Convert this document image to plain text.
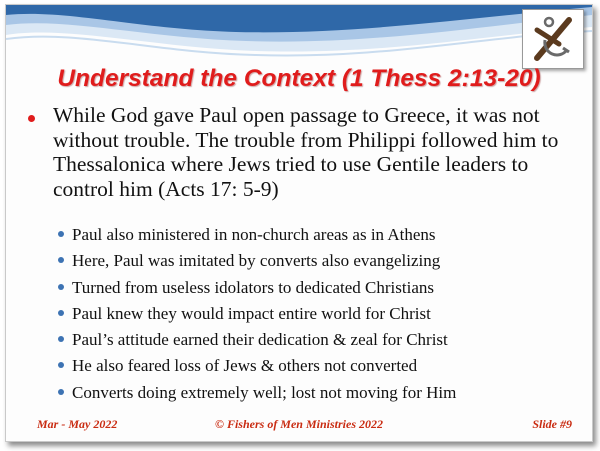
Understand the Context (1 Thess 2:13-20)
While God gave Paul open passage to Greece, it was not without trouble. The trouble from Philippi followed him to Thessalonica where Jews tried to use Gentile leaders to control him (Acts 17: 5-9)
Paul also ministered in non-church areas as in Athens
Here, Paul was imitated by converts also evangelizing
Turned from useless idolators to dedicated Christians
Paul knew they would impact entire world for Christ
Paul’s attitude earned their dedication & zeal for Christ
He also feared loss of Jews & others not converted
Converts doing extremely well; lost not moving for Him
Mar - May 2022	© Fishers of Men Ministries 2022	Slide #9
